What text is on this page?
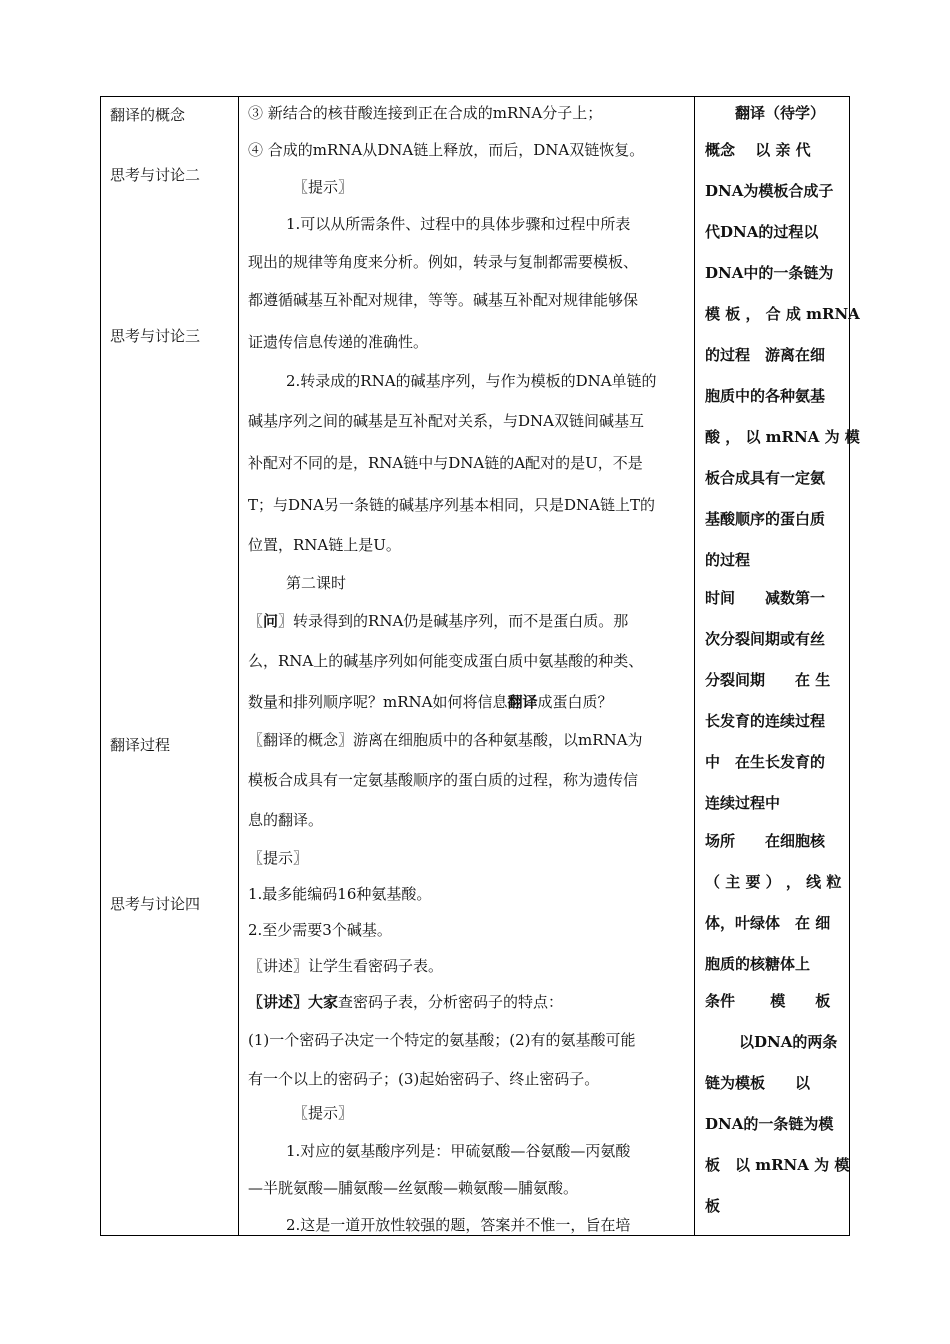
翻译的概念
思考与讨论二
思考与讨论三
翻译过程
思考与讨论四
③ 新结合的核苷酸连接到正在合成的mRNA分子上；
④ 合成的mRNA从DNA链上释放，而后，DNA双链恢复。
〖提示〗
1.可以从所需条件、过程中的具体步骤和过程中所表
现出的规律等角度来分析。例如，转录与复制都需要模板、
都遵循碱基互补配对规律，等等。碱基互补配对规律能够保
证遗传信息传递的准确性。
2.转录成的RNA的碱基序列，与作为模板的DNA单链的
碱基序列之间的碱基是互补配对关系，与DNA双链间碱基互
补配对不同的是，RNA链中与DNA链的A配对的是U，不是
T；与DNA另一条链的碱基序列基本相同，只是DNA链上T的
位置，RNA链上是U。
第二课时
〖问〗转录得到的RNA仍是碱基序列，而不是蛋白质。那
么，RNA上的碱基序列如何能变成蛋白质中氨基酸的种类、
数量和排列顺序呢？mRNA如何将信息翻译成蛋白质？
〖翻译的概念〗游离在细胞质中的各种氨基酸，以mRNA为
模板合成具有一定氨基酸顺序的蛋白质的过程，称为遗传信
息的翻译。
〖提示〗
1.最多能编码16种氨基酸。
2.至少需要3个碱基。
〖讲述〗让学生看密码子表。
〖讲述〗大家查密码子表，分析密码子的特点：
(1)一个密码子决定一个特定的氨基酸；(2)有的氨基酸可能
有一个以上的密码子；(3)起始密码子、终止密码子。
〖提示〗
1.对应的氨基酸序列是：甲硫氨酸—谷氨酸—丙氨酸
—半胱氨酸—脯氨酸—丝氨酸—赖氨酸—脯氨酸。
2.这是一道开放性较强的题，答案并不惟一，旨在培
翻译（待学）
概念　 以 亲 代
DNA为模板合成子
代DNA的过程以
DNA中的一条链为
模 板 ， 合 成 mRNA
的过程　游离在细
胞质中的各种氨基
酸 ， 以 mRNA 为 模
板合成具有一定氨
基酸顺序的蛋白质
的过程
时间　　减数第一
次分裂间期或有丝
分裂间期　　在 生
长发育的连续过程
中　在生长发育的
连续过程中
场所　　在细胞核
（ 主 要 ） ， 线 粒
体，叶绿体　在 细
胞质的核糖体上
条件　　 模　　板
以DNA的两条
链为模板　　以
DNA的一条链为模
板　以 mRNA 为 模
板
